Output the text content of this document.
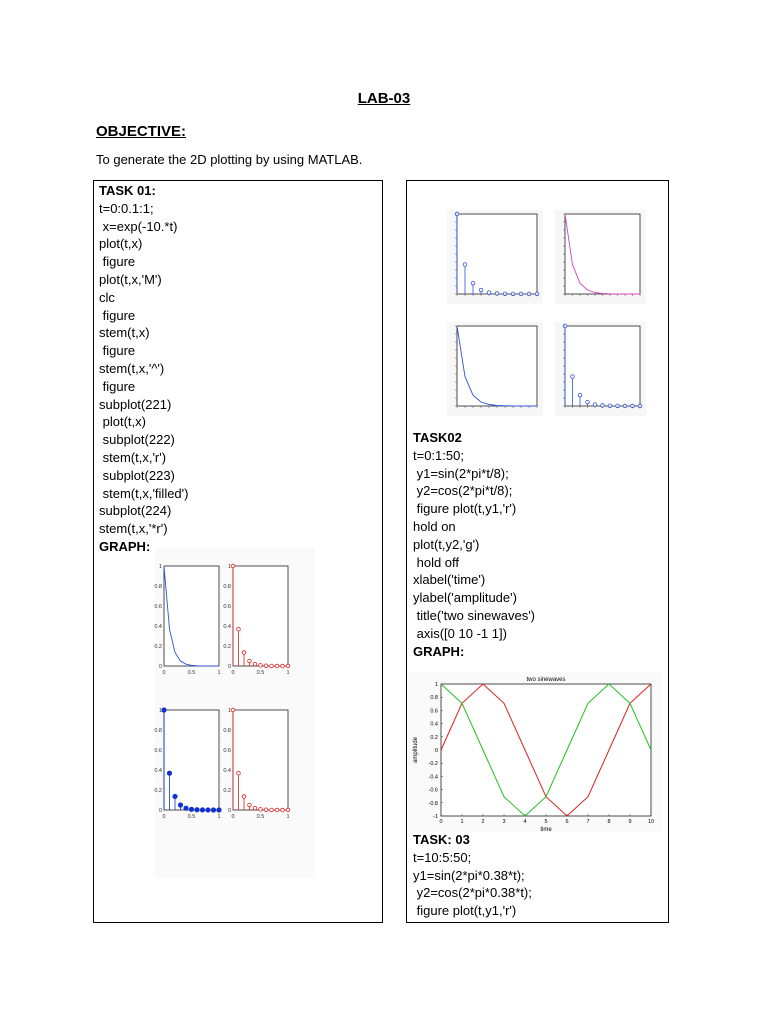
LAB-03
OBJECTIVE:
To generate the 2D plotting by using MATLAB.
TASK 01:
t=0:0.1:1;
x=exp(-10.*t)
plot(t,x)
figure
plot(t,x,'M')
clc
figure
stem(t,x)
figure
stem(t,x,'^')
figure
subplot(221)
plot(t,x)
subplot(222)
stem(t,x,'r')
subplot(223)
stem(t,x,'filled')
subplot(224)
stem(t,x,'*r')
GRAPH:
TASK02
t=0:1:50;
y1=sin(2*pi*t/8);
y2=cos(2*pi*t/8);
figure plot(t,y1,'r')
hold on
plot(t,y2,'g')
hold off
xlabel('time')
ylabel('amplitude')
title('two sinewaves')
axis([0 10 -1 1])
GRAPH:
TASK: 03
t=10:5:50;
y1=sin(2*pi*0.38*t);
y2=cos(2*pi*0.38*t);
figure plot(t,y1,'r')
0
0.2
0.4
0.6
0.8
1
0	0.5	1
0
0.2
0.4
0.6
0.8
1
0	0.5	1
0
0.2
0.4
0.6
0.8
1
0	0.5	1
0
0.2
0.4
0.6
0.8
1
0	0.5	1
two sinewaves
time
amplitude
0	1	2	3	4	5	6	7	8	9	10
1
0.8
0.6
0.4
0.2
0
-0.2
-0.4
-0.6
-0.8
-1
